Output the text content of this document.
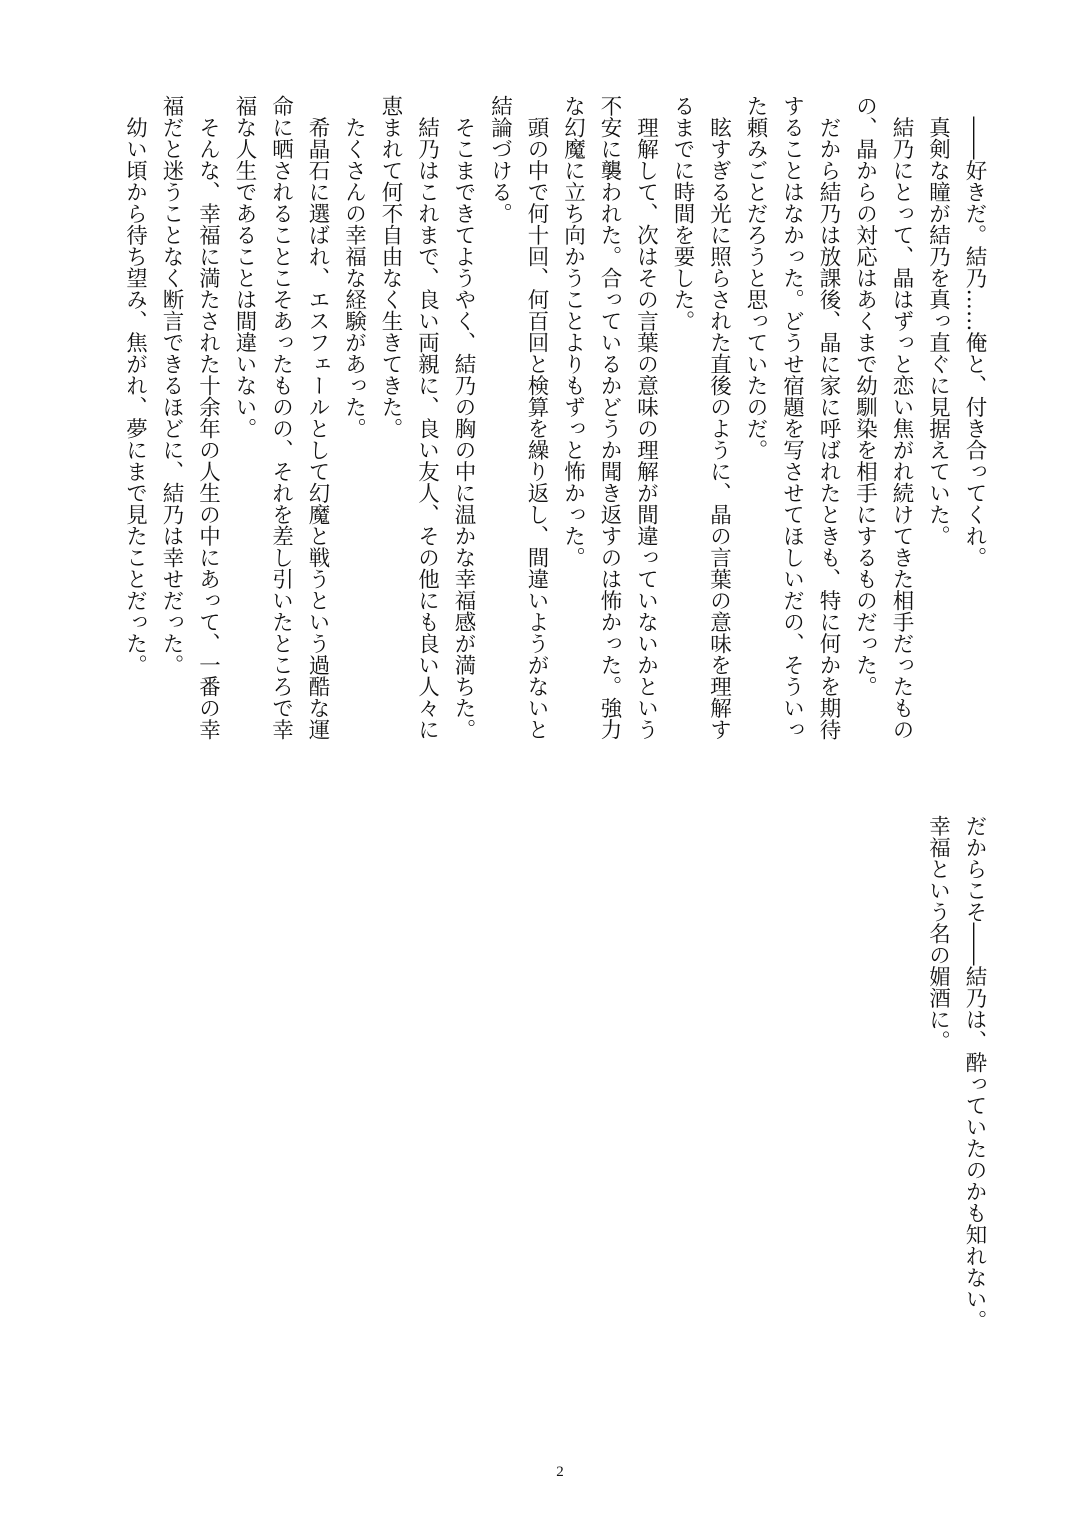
　――好きだ。結乃……俺と、付き合ってくれ。
　真剣な瞳が結乃を真っ直ぐに見据えていた。
　結乃にとって、晶はずっと恋い焦がれ続けてきた相手だったもの
の、晶からの対応はあくまで幼馴染を相手にするものだった。
　だから結乃は放課後、晶に家に呼ばれたときも、特に何かを期待
することはなかった。どうせ宿題を写させてほしいだの、そういっ
た頼みごとだろうと思っていたのだ。
　眩すぎる光に照らされた直後のように、晶の言葉の意味を理解す
るまでに時間を要した。
　理解して、次はその言葉の意味の理解が間違っていないかという
不安に襲われた。合っているかどうか聞き返すのは怖かった。強力
な幻魔に立ち向かうことよりもずっと怖かった。
　頭の中で何十回、何百回と検算を繰り返し、間違いようがないと
結論づける。
　そこまできてようやく、結乃の胸の中に温かな幸福感が満ちた。
　結乃はこれまで、良い両親に、良い友人、その他にも良い人々に
恵まれて何不自由なく生きてきた。
　たくさんの幸福な経験があった。
　希晶石に選ばれ、エスフェールとして幻魔と戦うという過酷な運
命に晒されることこそあったものの、それを差し引いたところで幸
福な人生であることは間違いない。
　そんな、幸福に満たされた十余年の人生の中にあって、一番の幸
福だと迷うことなく断言できるほどに、結乃は幸せだった。
　幼い頃から待ち望み、焦がれ、夢にまで見たことだった。
だからこそ――結乃は、酔っていたのかも知れない。
幸福という名の媚酒に。
2
